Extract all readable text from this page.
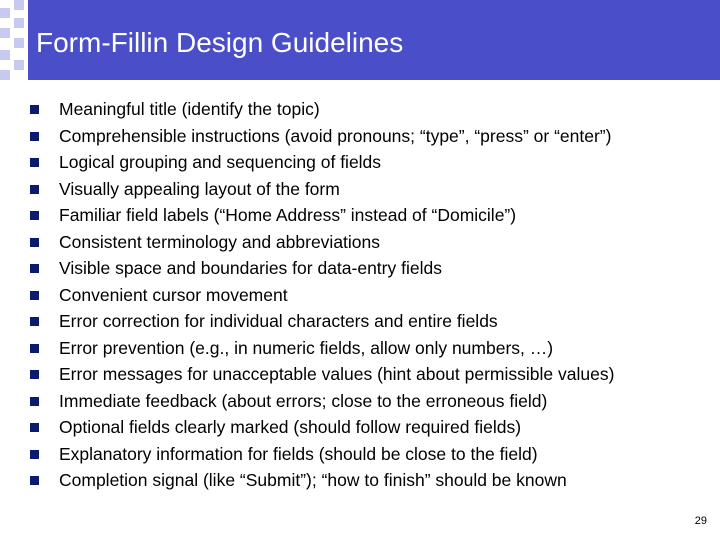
Form-Fillin Design Guidelines
Meaningful title (identify the topic)
Comprehensible instructions (avoid pronouns; “type”, “press” or “enter”)
Logical grouping and sequencing of fields
Visually appealing layout of the form
Familiar field labels (“Home Address” instead of “Domicile”)
Consistent terminology and abbreviations
Visible space and boundaries for data-entry fields
Convenient cursor movement
Error correction for individual characters and entire fields
Error prevention (e.g., in numeric fields, allow only numbers, …)
Error messages for unacceptable values (hint about permissible values)
Immediate feedback (about errors; close to the erroneous field)
Optional fields clearly marked (should follow required fields)
Explanatory information for fields (should be close to the field)
Completion signal (like “Submit”); “how to finish” should be known
29
